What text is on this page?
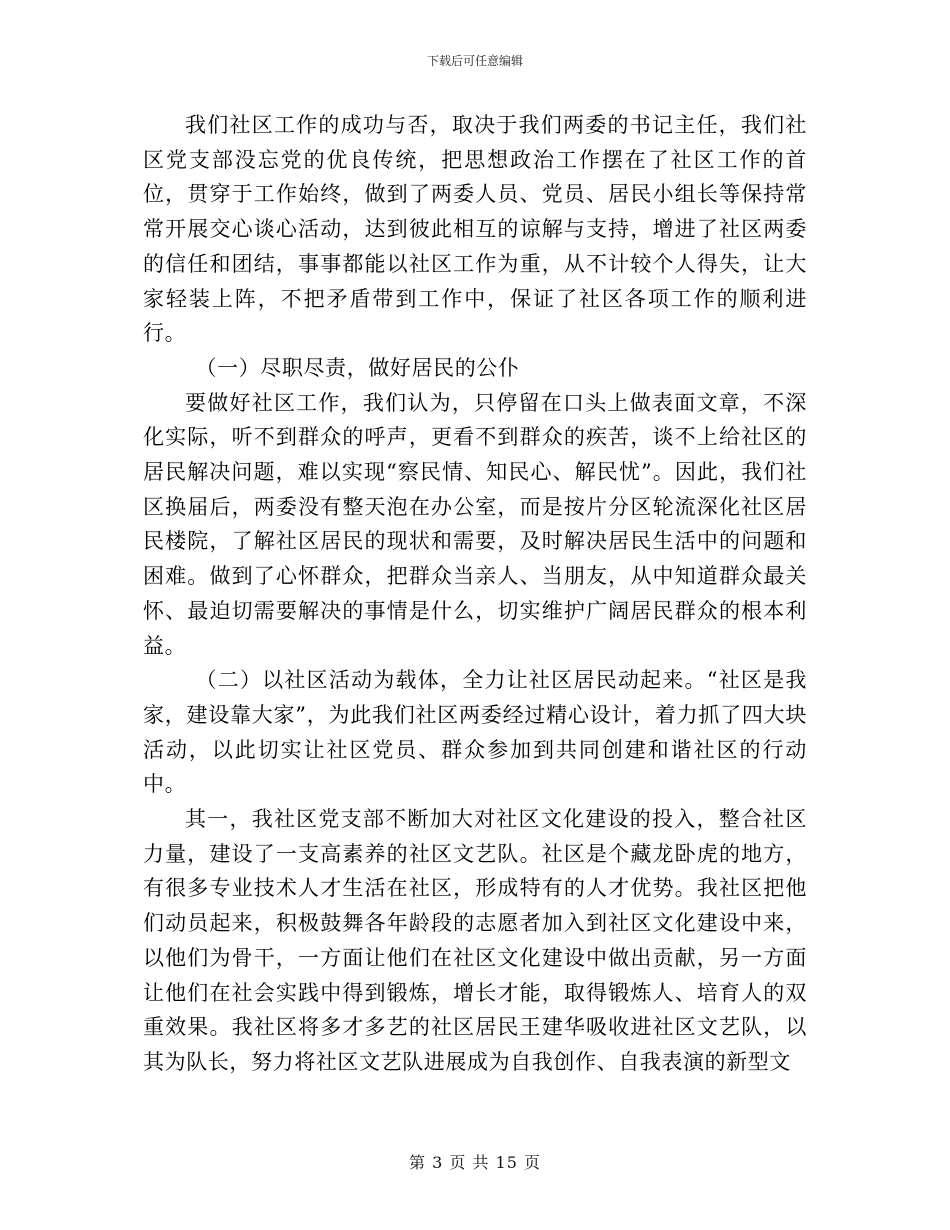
下载后可任意编辑

我们社区工作的成功与否，取决于我们两委的书记主任，我们社区党支部没忘党的优良传统，把思想政治工作摆在了社区工作的首位，贯穿于工作始终，做到了两委人员、党员、居民小组长等保持常常开展交心谈心活动，达到彼此相互的谅解与支持，增进了社区两委的信任和团结，事事都能以社区工作为重，从不计较个人得失，让大家轻装上阵，不把矛盾带到工作中，保证了社区各项工作的顺利进行。

（一）尽职尽责，做好居民的公仆

要做好社区工作，我们认为，只停留在口头上做表面文章，不深化实际，听不到群众的呼声，更看不到群众的疾苦，谈不上给社区的居民解决问题，难以实现“察民情、知民心、解民忧”。因此，我们社区换届后，两委没有整天泡在办公室，而是按片分区轮流深化社区居民楼院，了解社区居民的现状和需要，及时解决居民生活中的问题和困难。做到了心怀群众，把群众当亲人、当朋友，从中知道群众最关怀、最迫切需要解决的事情是什么，切实维护广阔居民群众的根本利益。

（二）以社区活动为载体，全力让社区居民动起来。“社区是我家，建设靠大家”，为此我们社区两委经过精心设计，着力抓了四大块活动，以此切实让社区党员、群众参加到共同创建和谐社区的行动中。

其一，我社区党支部不断加大对社区文化建设的投入，整合社区力量，建设了一支高素养的社区文艺队。社区是个藏龙卧虎的地方，有很多专业技术人才生活在社区，形成特有的人才优势。我社区把他们动员起来，积极鼓舞各年龄段的志愿者加入到社区文化建设中来，以他们为骨干，一方面让他们在社区文化建设中做出贡献，另一方面让他们在社会实践中得到锻炼，增长才能，取得锻炼人、培育人的双重效果。我社区将多才多艺的社区居民王建华吸收进社区文艺队，以其为队长，努力将社区文艺队进展成为自我创作、自我表演的新型文

第 3 页 共 15 页
